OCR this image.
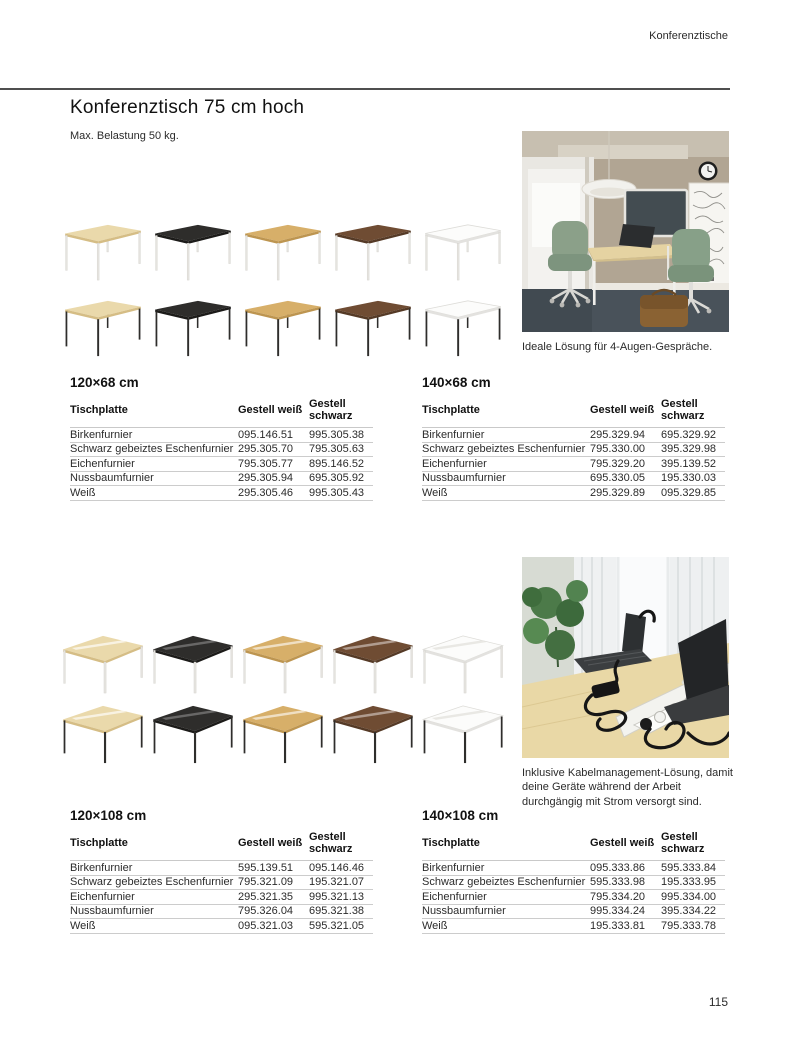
Konferenztische
Konferenztisch 75 cm hoch
Max. Belastung 50 kg.
Ideale Lösung für 4-Augen-Gespräche.
120×68 cm
Tischplatte	Gestell weiß Gestell schwarz
Birkenfurnier	095.146.51	995.305.38
Schwarz gebeiztes Eschenfurnier 295.305.70	795.305.63
Eichenfurnier	795.305.77	895.146.52
Nussbaumfurnier	295.305.94	695.305.92
Weiß	295.305.46	995.305.43
140×68 cm
Tischplatte	Gestell weiß Gestell schwarz
Birkenfurnier	295.329.94	695.329.92
Schwarz gebeiztes Eschenfurnier 795.330.00	395.329.98
Eichenfurnier	795.329.20	395.139.52
Nussbaumfurnier	695.330.05	195.330.03
Weiß	295.329.89	095.329.85
Inklusive Kabelmanagement-Lösung, damit deine Geräte während der Arbeit durchgängig mit Strom versorgt sind.
120×108 cm
Tischplatte	Gestell weiß Gestell schwarz
Birkenfurnier	595.139.51	095.146.46
Schwarz gebeiztes Eschenfurnier 795.321.09	195.321.07
Eichenfurnier	295.321.35	995.321.13
Nussbaumfurnier	795.326.04	695.321.38
Weiß	095.321.03	595.321.05
140×108 cm
Tischplatte	Gestell weiß Gestell schwarz
Birkenfurnier	095.333.86	595.333.84
Schwarz gebeiztes Eschenfurnier 595.333.98	195.333.95
Eichenfurnier	795.334.20	995.334.00
Nussbaumfurnier	995.334.24	395.334.22
Weiß	195.333.81	795.333.78
115
